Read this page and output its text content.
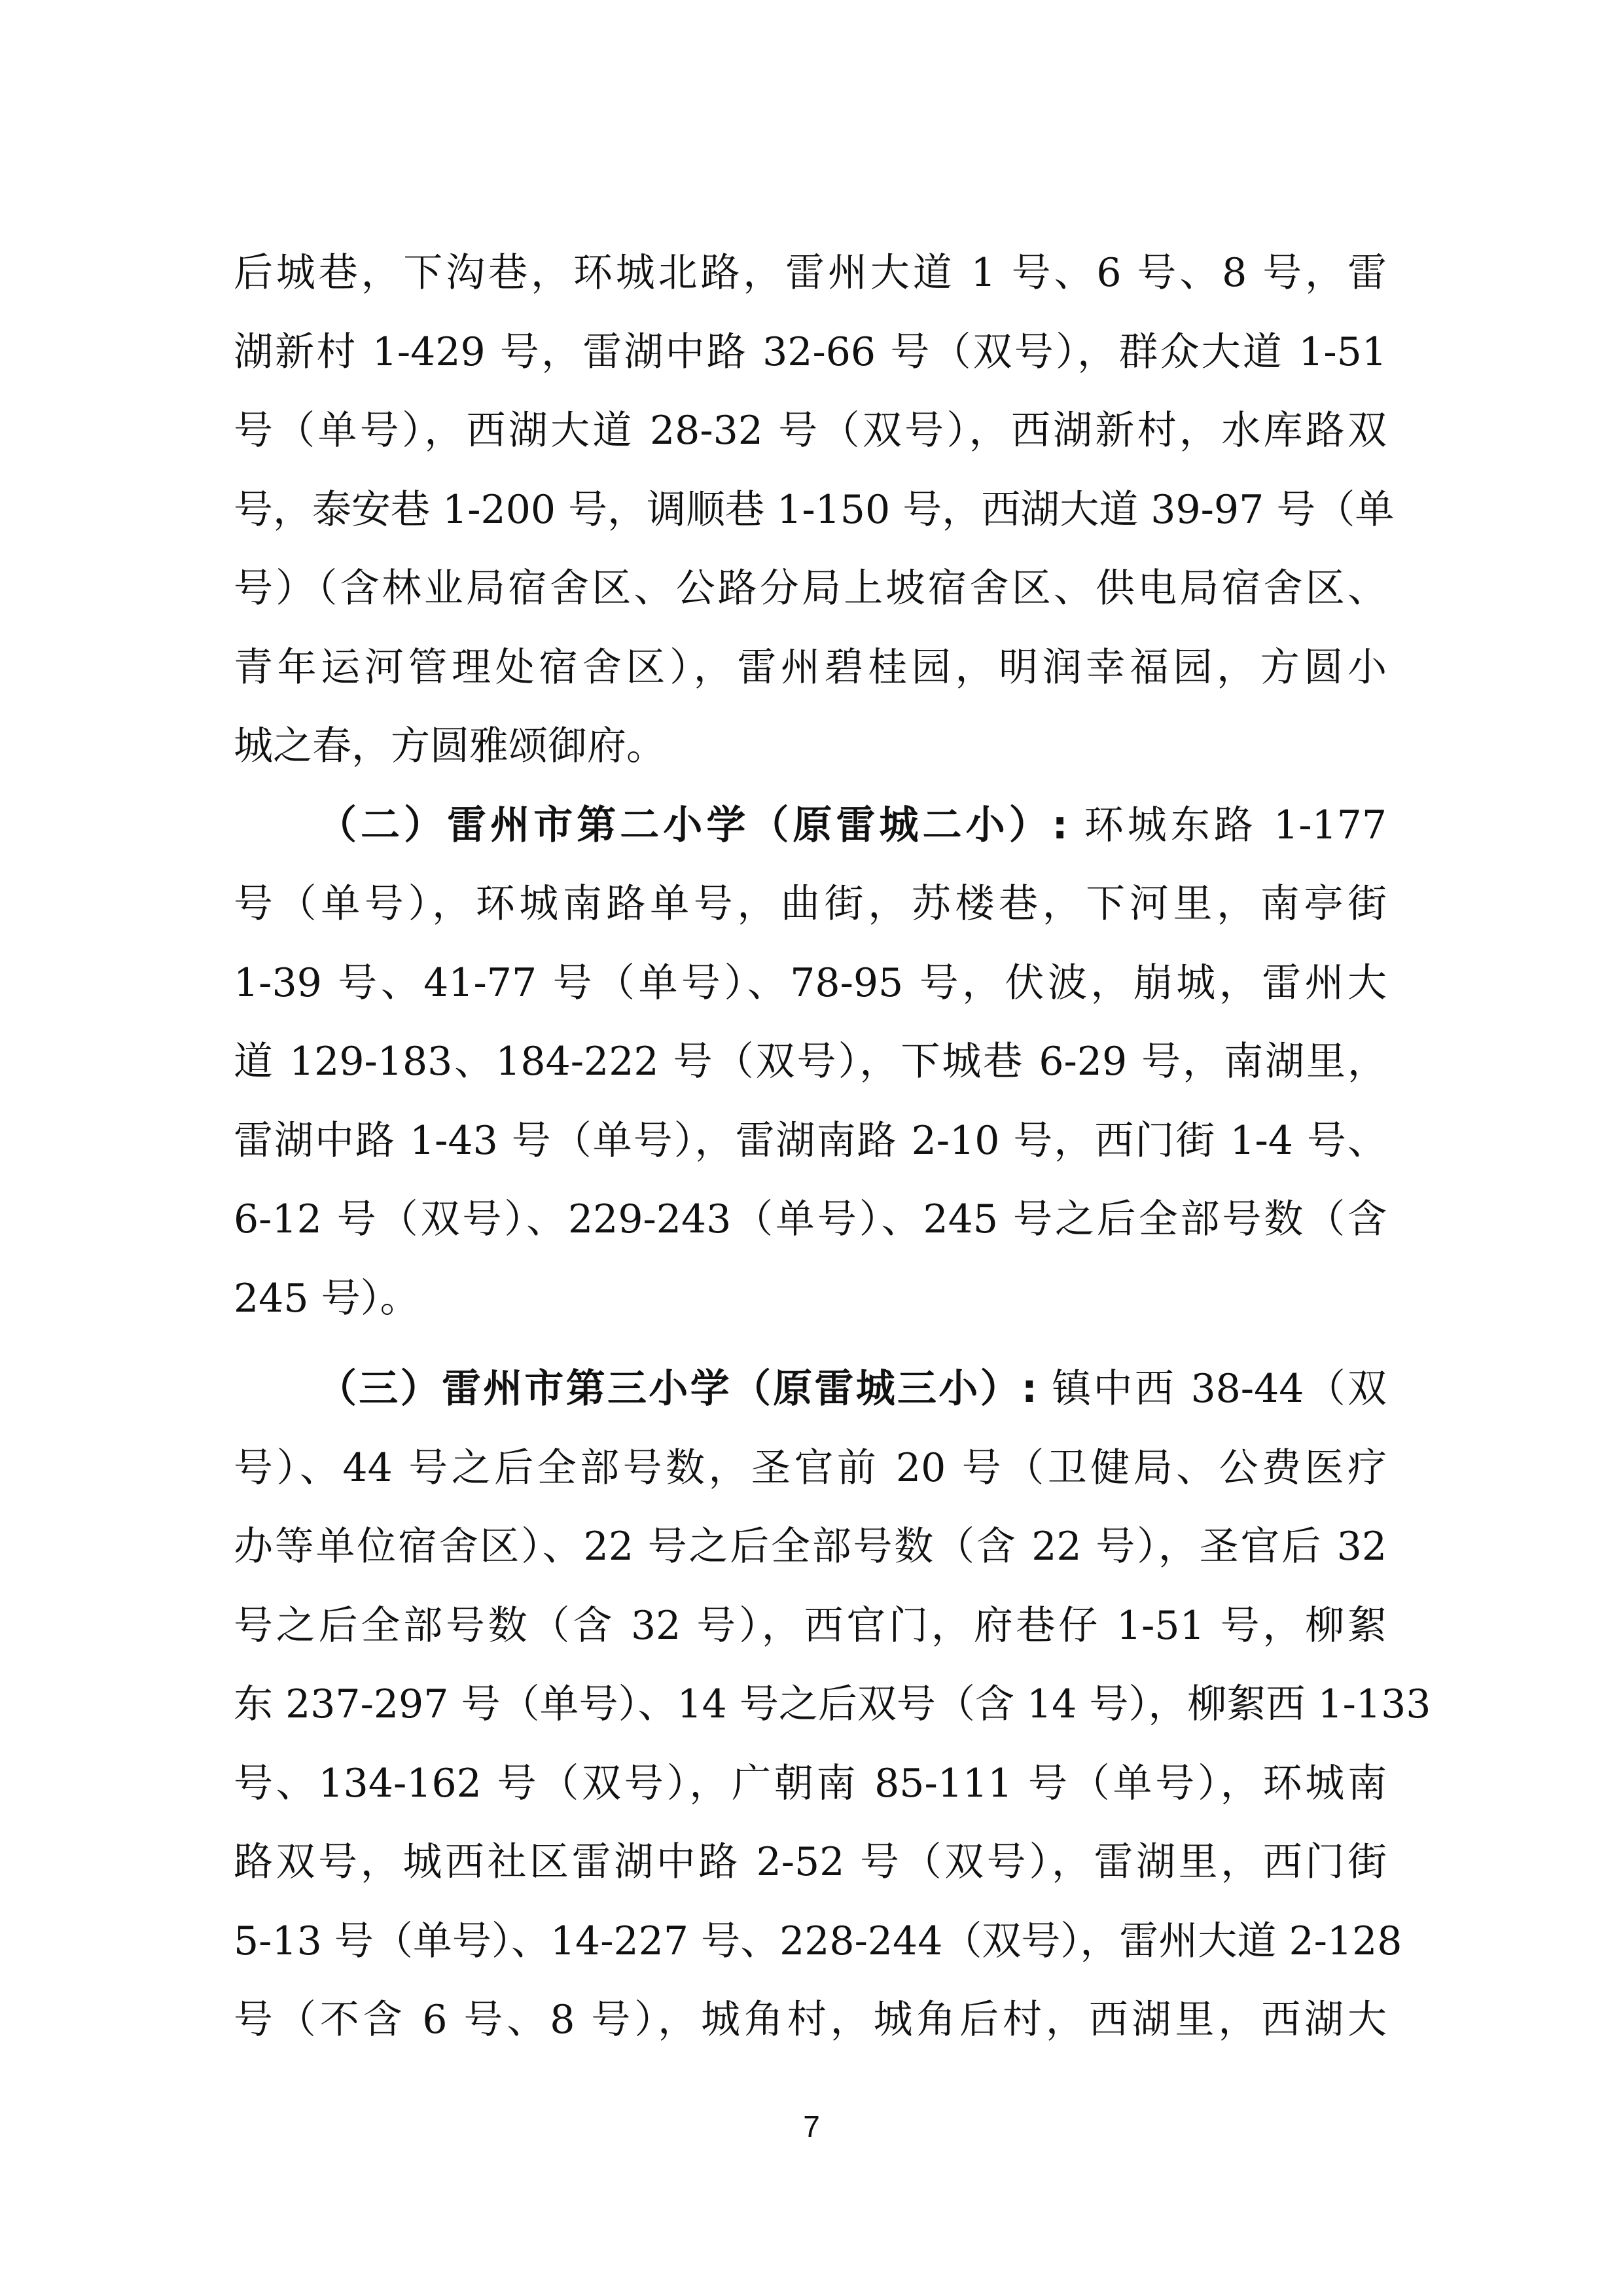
后城巷，下沟巷，环城北路，雷州大道 1 号、6 号、8 号，雷
湖新村 1-429 号，雷湖中路 32-66 号（双号），群众大道 1-51
号（单号），西湖大道 28-32 号（双号），西湖新村，水库路双
号，泰安巷 1-200 号，调顺巷 1-150 号，西湖大道 39-97 号（单
号）（含林业局宿舍区、公路分局上坡宿舍区、供电局宿舍区、
青年运河管理处宿舍区），雷州碧桂园，明润幸福园，方圆小
城之春，方圆雅颂御府。
（二）雷州市第二小学（原雷城二小）: 环城东路 1-177
号（单号），环城南路单号，曲街，苏楼巷，下河里，南亭街
1-39 号、41-77 号（单号）、78-95 号，伏波，崩城，雷州大
道 129-183、184-222 号（双号），下城巷 6-29 号，南湖里，
雷湖中路 1-43 号（单号），雷湖南路 2-10 号，西门街 1-4 号、
6-12 号（双号）、229-243（单号）、245 号之后全部号数（含
245 号）。
（三）雷州市第三小学（原雷城三小）: 镇中西 38-44（双
号）、44 号之后全部号数，圣官前 20 号（卫健局、公费医疗
办等单位宿舍区）、22 号之后全部号数（含 22 号），圣官后 32
号之后全部号数（含 32 号），西官门，府巷仔 1-51 号，柳絮
东 237-297 号（单号）、14 号之后双号（含 14 号），柳絮西 1-133
号、134-162 号（双号），广朝南 85-111 号（单号），环城南
路双号，城西社区雷湖中路 2-52 号（双号），雷湖里，西门街
5-13 号（单号）、14-227 号、228-244（双号），雷州大道 2-128
号（不含 6 号、8 号），城角村，城角后村，西湖里，西湖大
7
